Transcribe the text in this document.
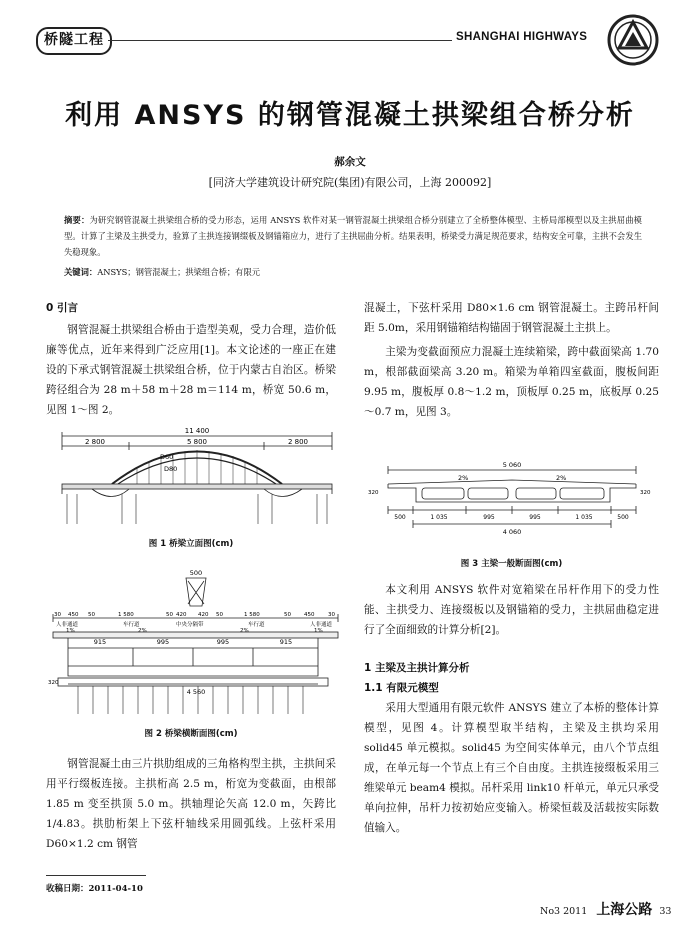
桥隧工程	SHANGHAI HIGHWAYS
利用 ANSYS 的钢管混凝土拱梁组合桥分析
郝余文
[同济大学建筑设计研究院(集团)有限公司，上海 200092]
摘要：为研究钢管混凝土拱梁组合桥的受力形态，运用 ANSYS 软件对某一钢管混凝土拱梁组合桥分别建立了全桥整体模型、主桥局部模型以及主拱屈曲模型。计算了主梁及主拱受力，验算了主拱连接钢缀板及钢锚箱应力，进行了主拱屈曲分析。结果表明，桥梁受力满足规范要求，结构安全可靠，主拱不会发生失稳现象。
关键词：ANSYS；钢管混凝土；拱梁组合桥；有限元
0 引言

钢管混凝土拱梁组合桥由于造型美观，受力合理，造价低廉等优点，近年来得到广泛应用[1]。本文论述的一座正在建设的下承式钢管混凝土拱梁组合桥，位于内蒙古自治区。桥梁跨径组合为 28 m＋58 m＋28 m＝114 m，桥宽 50.6 m，见图 1～图 2。

11 400
2 800	5 800	2 800
D60
D80
图 1 桥梁立面图(cm)
500
30 450 50	1 580	50 420 420 50	1 580	50 450 30
人非通道	车行道	中央分隔带	车行道	人非通道
1%	2%	2%	1%
915	995	995	915
4 560
320
图 2 桥梁横断面图(cm)

钢管混凝土由三片拱肋组成的三角格构型主拱，主拱间采用平行缀板连接。主拱桁高 2.5 m，桁宽为变截面，由根部 1.85 m 变至拱顶 5.0 m。拱轴理论矢高 12.0 m，矢跨比 1/4.83。拱肋桁架上下弦杆轴线采用圆弧线。上弦杆采用 D60×1.2 cm 钢管

收稿日期：2011-04-10

混凝土，下弦杆采用 D80×1.6 cm 钢管混凝土。主跨吊杆间距 5.0m，采用钢锚箱结构锚固于钢管混凝土主拱上。

主梁为变截面预应力混凝土连续箱梁，跨中截面梁高 1.70 m，根部截面梁高 3.20 m。箱梁为单箱四室截面，腹板间距 9.95 m，腹板厚 0.8～1.2 m，顶板厚 0.25 m，底板厚 0.25～0.7 m，见图 3。

5 060
2%	2%
500	1 035	995	995	1 035	500
4 060
320	320
图 3 主梁一般断面图(cm)

本文利用 ANSYS 软件对宽箱梁在吊杆作用下的受力性能、主拱受力、连接缀板以及钢锚箱的受力，主拱屈曲稳定进行了全面细致的计算分析[2]。

1 主梁及主拱计算分析
1.1 有限元模型

采用大型通用有限元软件 ANSYS 建立了本桥的整体计算模型，见图 4。计算模型取半结构，主梁及主拱均采用 solid45 单元模拟。solid45 为空间实体单元，由八个节点组成，在单元每一个节点上有三个自由度。主拱连接缀板采用三维梁单元 beam4 模拟。吊杆采用 link10 杆单元，单元只承受单向拉伸，吊杆力按初始应变输入。桥梁恒载及活载按实际数值输入。

No3 2011 上海公路 33
